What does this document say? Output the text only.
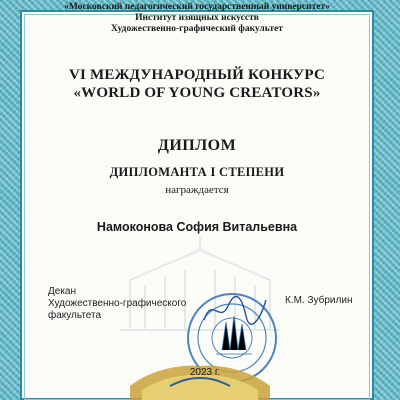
«Московский педагогический государственный университет»
Институт изящных искусств
Художественно-графический факультет
VI МЕЖДУНАРОДНЫЙ КОНКУРС
«WORLD OF YOUNG CREATORS»
ДИПЛОМ
ДИПЛОМАНТА I СТЕПЕНИ
награждается
Намоконова София Витальевна
Декан
Художественно-графического
факультета
К.М. Зубрилин
2023 г.
